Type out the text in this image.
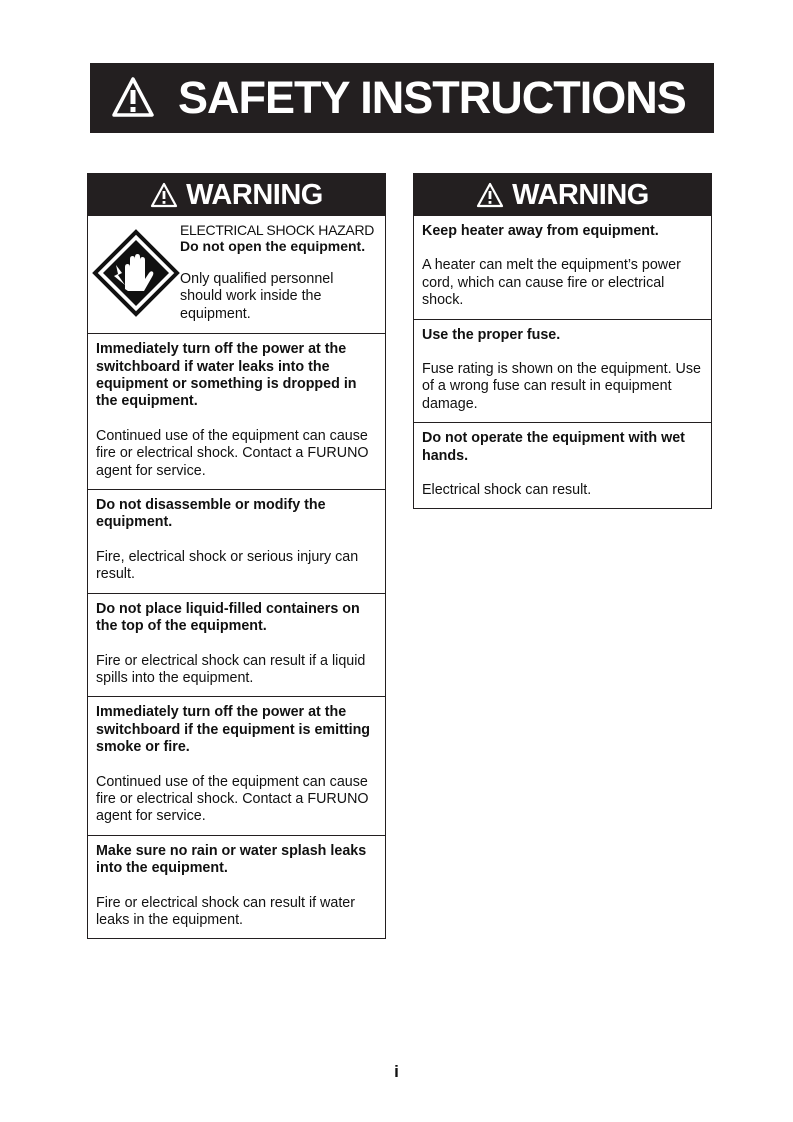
SAFETY INSTRUCTIONS
WARNING
ELECTRICAL SHOCK HAZARD
Do not open the equipment.
Only qualified personnel should work inside the equipment.
Immediately turn off the power at the switchboard if water leaks into the equipment or something is dropped in the equipment.
Continued use of the equipment can cause fire or electrical shock. Contact a FURUNO agent for service.
Do not disassemble or modify the equipment.
Fire, electrical shock or serious injury can result.
Do not place liquid-filled containers on the top of the equipment.
Fire or electrical shock can result if a liquid spills into the equipment.
Immediately turn off the power at the switchboard if the equipment is emitting smoke or fire.
Continued use of the equipment can cause fire or electrical shock. Contact a FURUNO agent for service.
Make sure no rain or water splash leaks into the equipment.
Fire or electrical shock can result if water leaks in the equipment.
WARNING
Keep heater away from equipment.
A heater can melt the equipment’s power cord, which can cause fire or electrical shock.
Use the proper fuse.
Fuse rating is shown on the equipment. Use of a wrong fuse can result in equipment damage.
Do not operate the equipment with wet hands.
Electrical shock can result.
i
